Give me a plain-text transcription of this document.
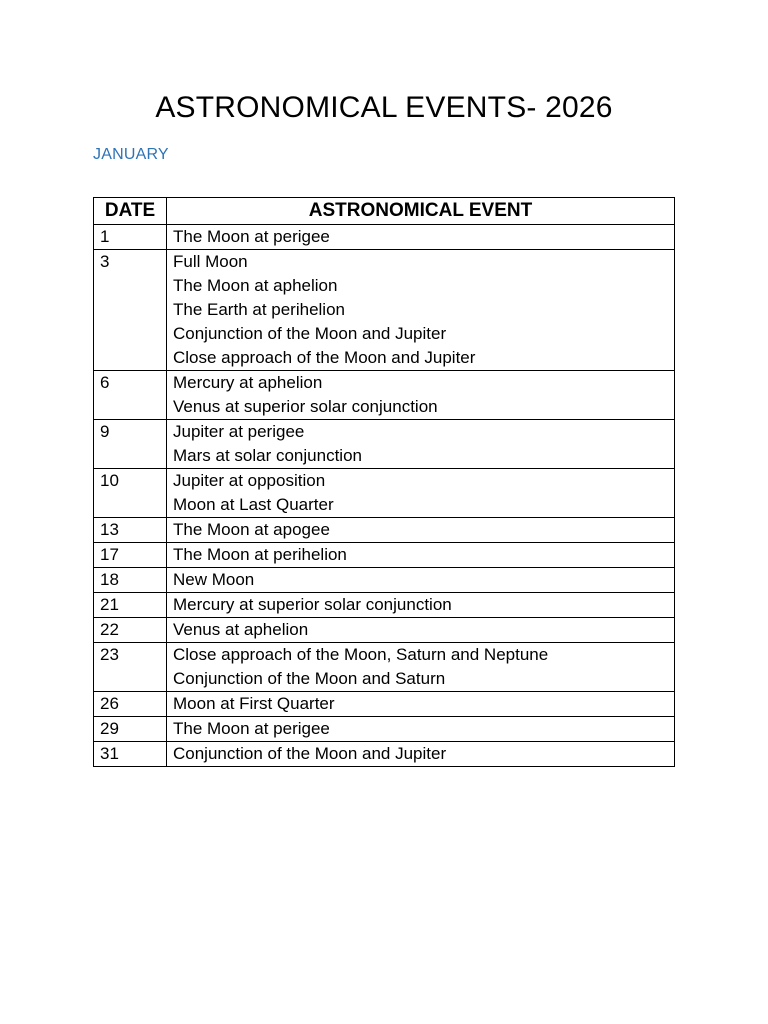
ASTRONOMICAL EVENTS- 2026

JANUARY

DATE	ASTRONOMICAL EVENT
1	The Moon at perigee

3	Full Moon
The Moon at aphelion
The Earth at perihelion
Conjunction of the Moon and Jupiter
Close approach of the Moon and Jupiter

6	Mercury at aphelion
Venus at superior solar conjunction

9	Jupiter at perigee
Mars at solar conjunction

10	Jupiter at opposition
Moon at Last Quarter

13	The Moon at apogee

17	The Moon at perihelion

18	New Moon

21	Mercury at superior solar conjunction

22	Venus at aphelion

23	Close approach of the Moon, Saturn and Neptune
Conjunction of the Moon and Saturn

26	Moon at First Quarter

29	The Moon at perigee

31	Conjunction of the Moon and Jupiter
